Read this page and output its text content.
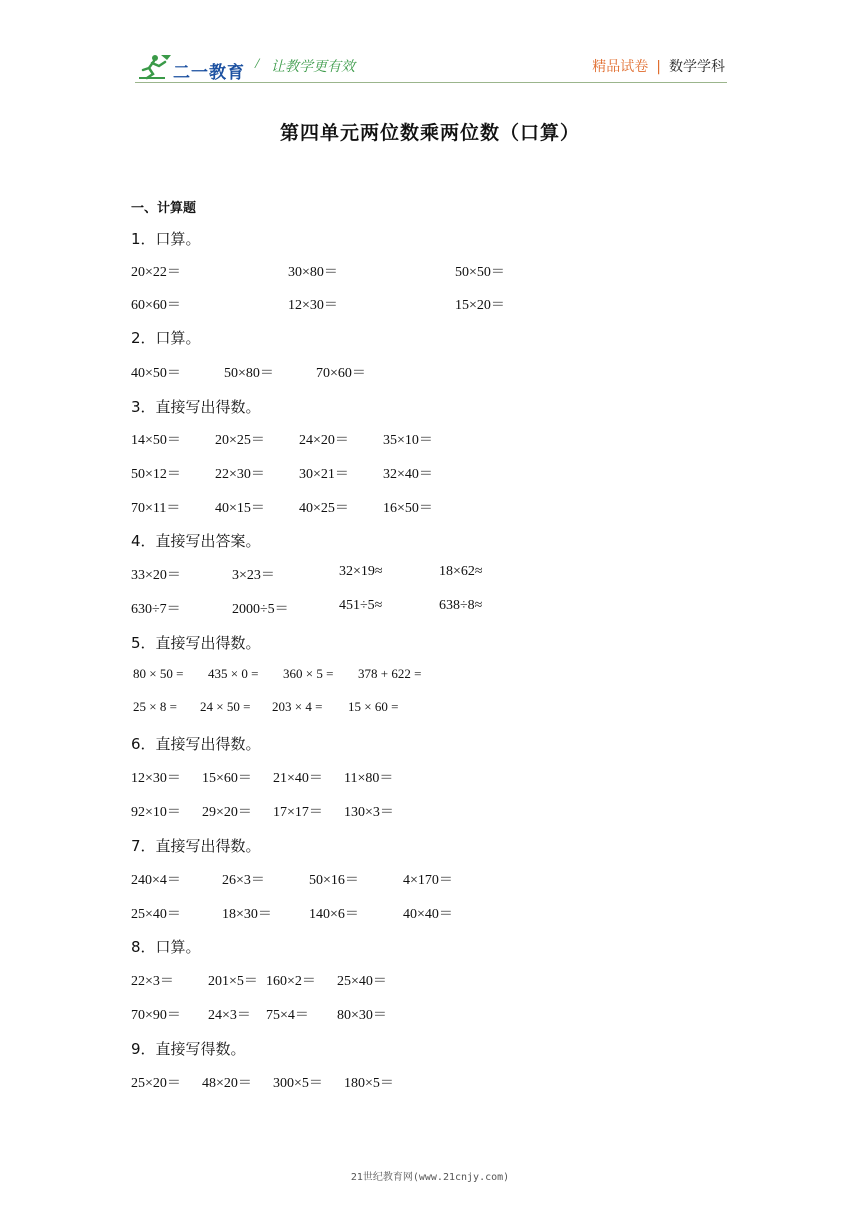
二一教育 / 让教学更有效	精品试卷 | 数学学科
第四单元两位数乘两位数（口算）
一、计算题
1．口算。
20×22＝	30×80＝	50×50＝
60×60＝	12×30＝	15×20＝
2．口算。
40×50＝	50×80＝	70×60＝
3．直接写出得数。
14×50＝ 20×25＝ 24×20＝ 35×10＝
50×12＝ 22×30＝ 30×21＝ 32×40＝
70×11＝ 40×15＝ 40×25＝ 16×50＝
4．直接写出答案。
33×20＝	3×23＝	32×19≈	18×62≈
630÷7＝	2000÷5＝	451÷5≈	638÷8≈
5．直接写出得数。
80 × 50 = 435 × 0 = 360 × 5 = 378 + 622 =
25 × 8 = 24 × 50 = 203 × 4 = 15 × 60 =
6．直接写出得数。
12×30＝ 15×60＝ 21×40＝ 11×80＝
92×10＝ 29×20＝ 17×17＝ 130×3＝
7．直接写出得数。
240×4＝	26×3＝	50×16＝	4×170＝
25×40＝	18×30＝	140×6＝	40×40＝
8．口算。
22×3＝ 201×5＝ 160×2＝ 25×40＝
70×90＝ 24×3＝ 75×4＝ 80×30＝
9．直接写得数。
25×20＝ 48×20＝ 300×5＝ 180×5＝
21世纪教育网(www.21cnjy.com)
